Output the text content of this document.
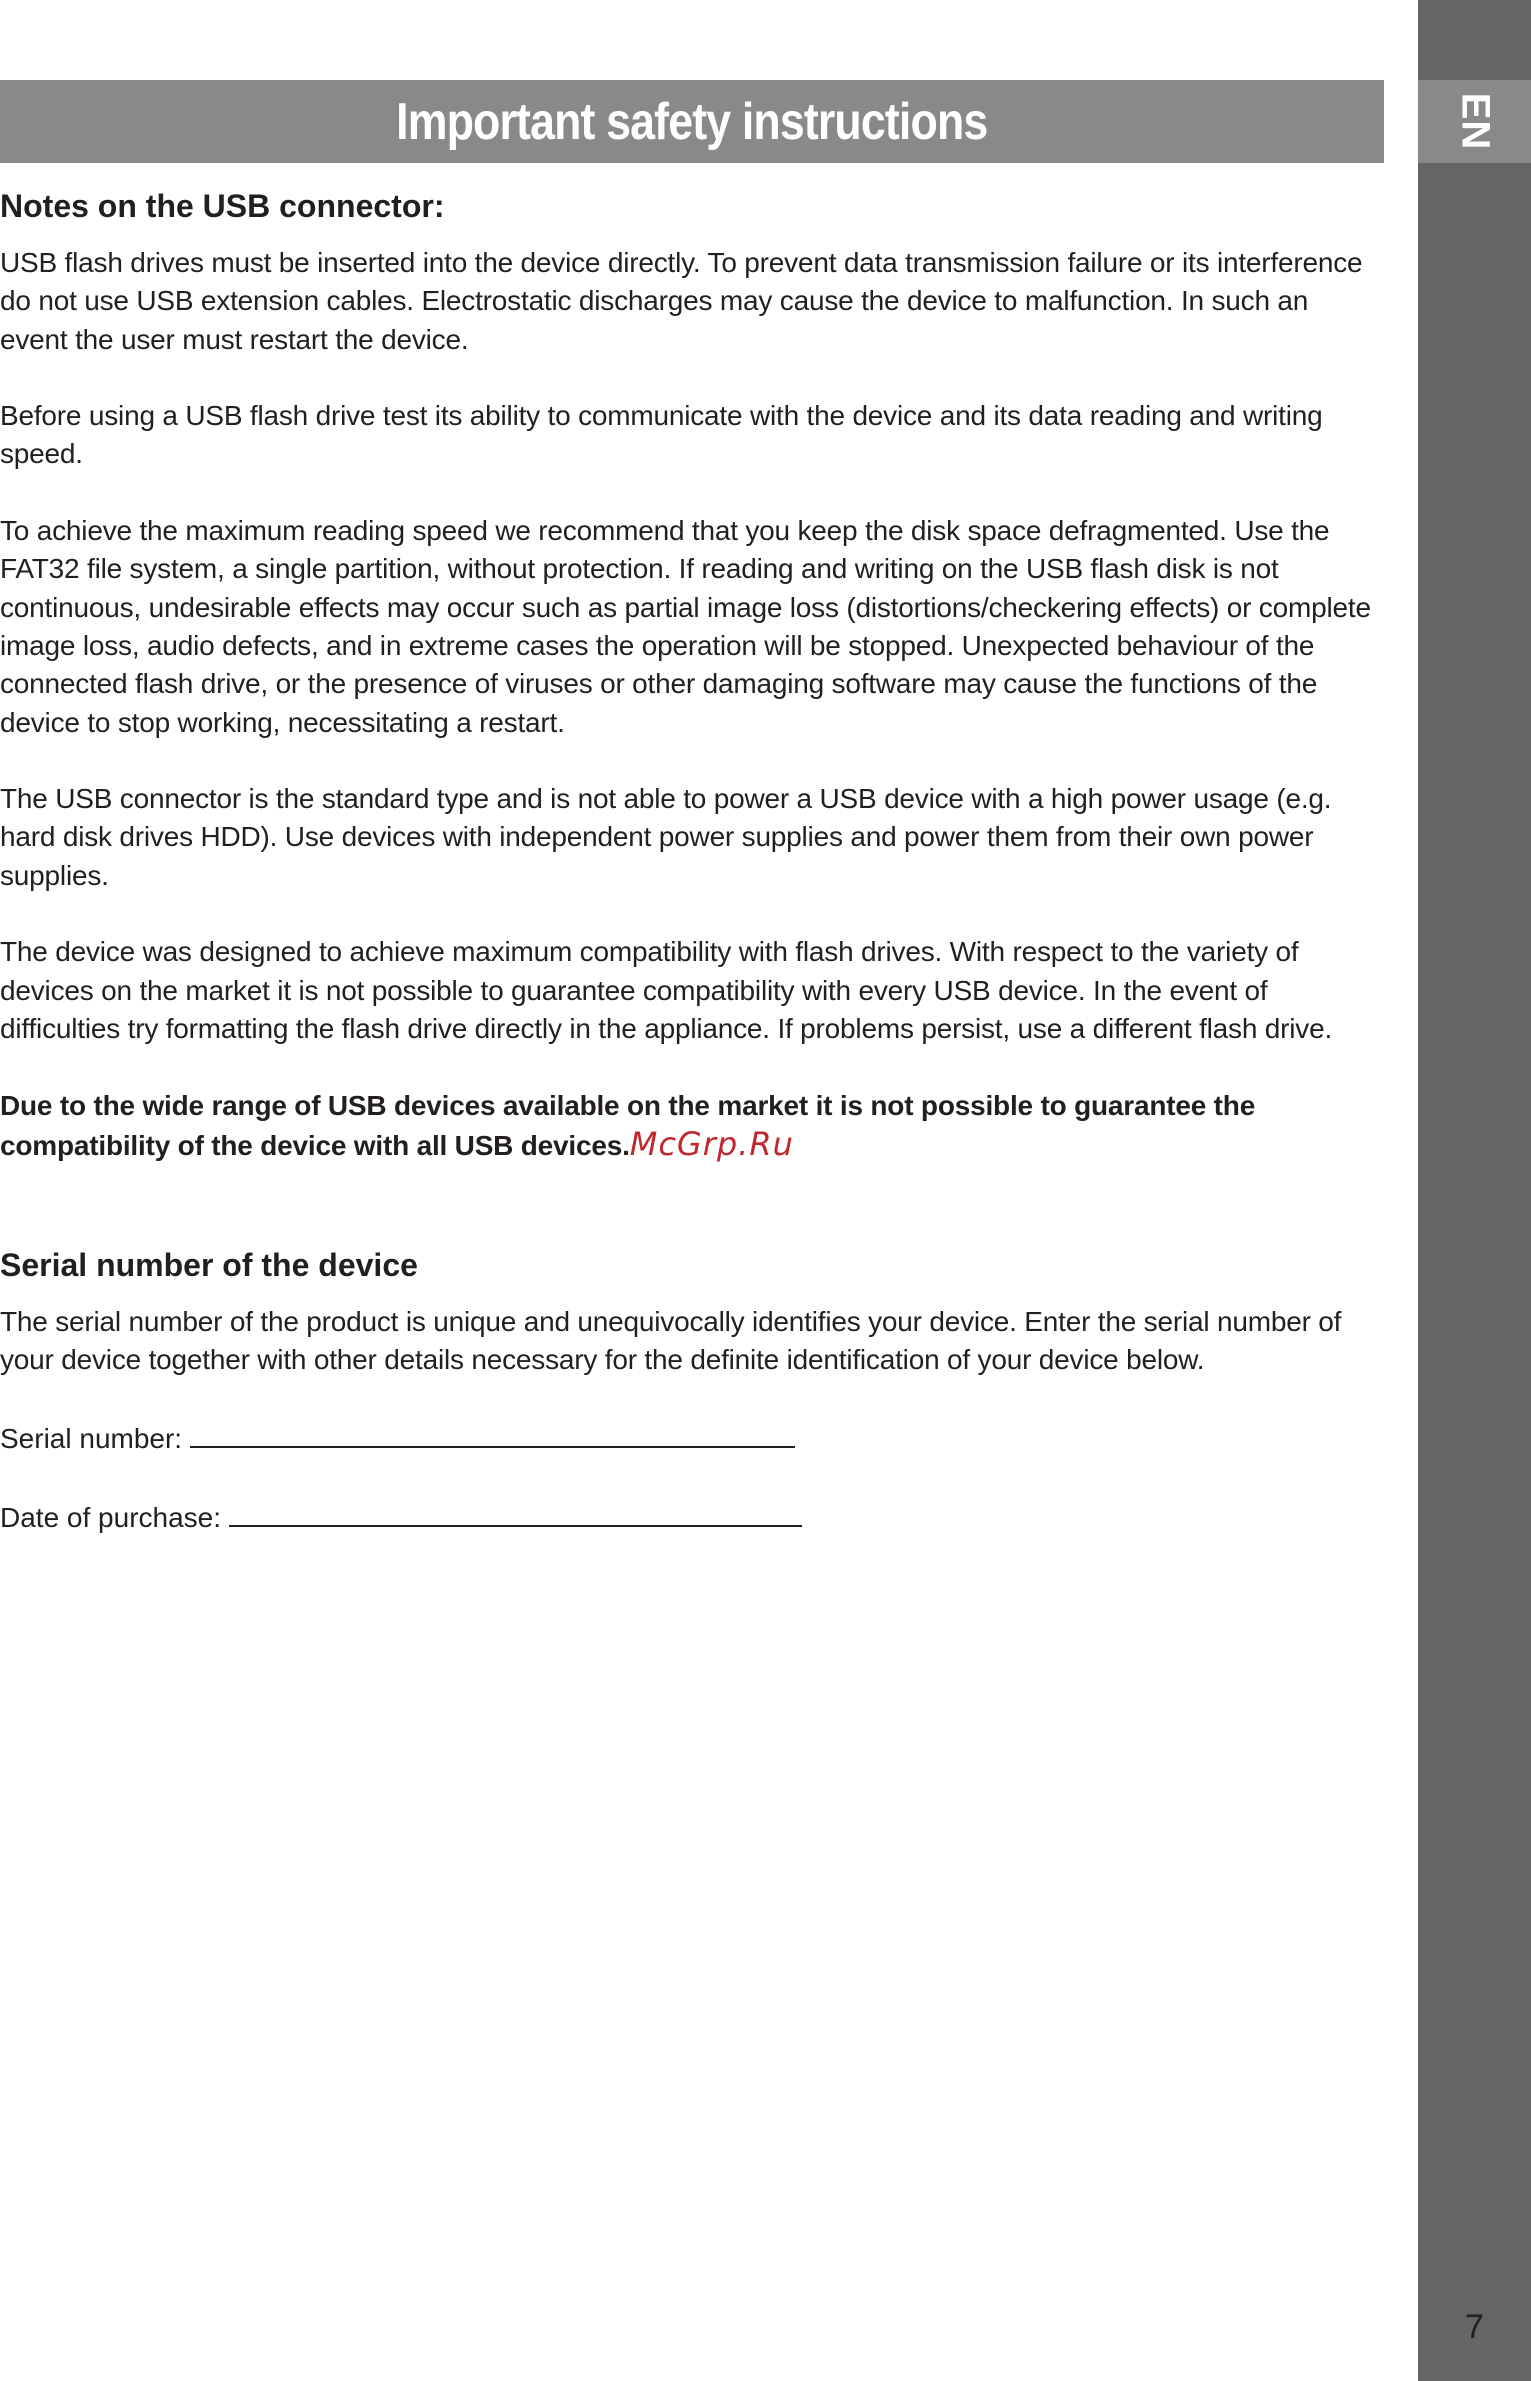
EN
7
Important safety instructions
Notes on the USB connector:

USB flash drives must be inserted into the device directly. To prevent data transmission failure or its interference do not use USB extension cables. Electrostatic discharges may cause the device to malfunction. In such an event the user must restart the device.

Before using a USB flash drive test its ability to communicate with the device and its data reading and writing speed.

To achieve the maximum reading speed we recommend that you keep the disk space defragmented. Use the FAT32 file system, a single partition, without protection. If reading and writing on the USB flash disk is not continuous, undesirable effects may occur such as partial image loss (distortions/checkering effects) or complete image loss, audio defects, and in extreme cases the operation will be stopped. Unexpected behaviour of the connected flash drive, or the presence of viruses or other damaging software may cause the functions of the device to stop working, necessitating a restart.

The USB connector is the standard type and is not able to power a USB device with a high power usage (e.g. hard disk drives HDD). Use devices with independent power supplies and power them from their own power supplies.

The device was designed to achieve maximum compatibility with flash drives. With respect to the variety of devices on the market it is not possible to guarantee compatibility with every USB device. In the event of difficulties try formatting the flash drive directly in the appliance. If problems persist, use a different flash drive.

Due to the wide range of USB devices available on the market it is not possible to guarantee the compatibility of the device with all USB devices.McGrp.Ru

Serial number of the device

The serial number of the product is unique and unequivocally identifies your device. Enter the serial number of your device together with other details necessary for the definite identification of your device below.

Serial number:
Date of purchase:
